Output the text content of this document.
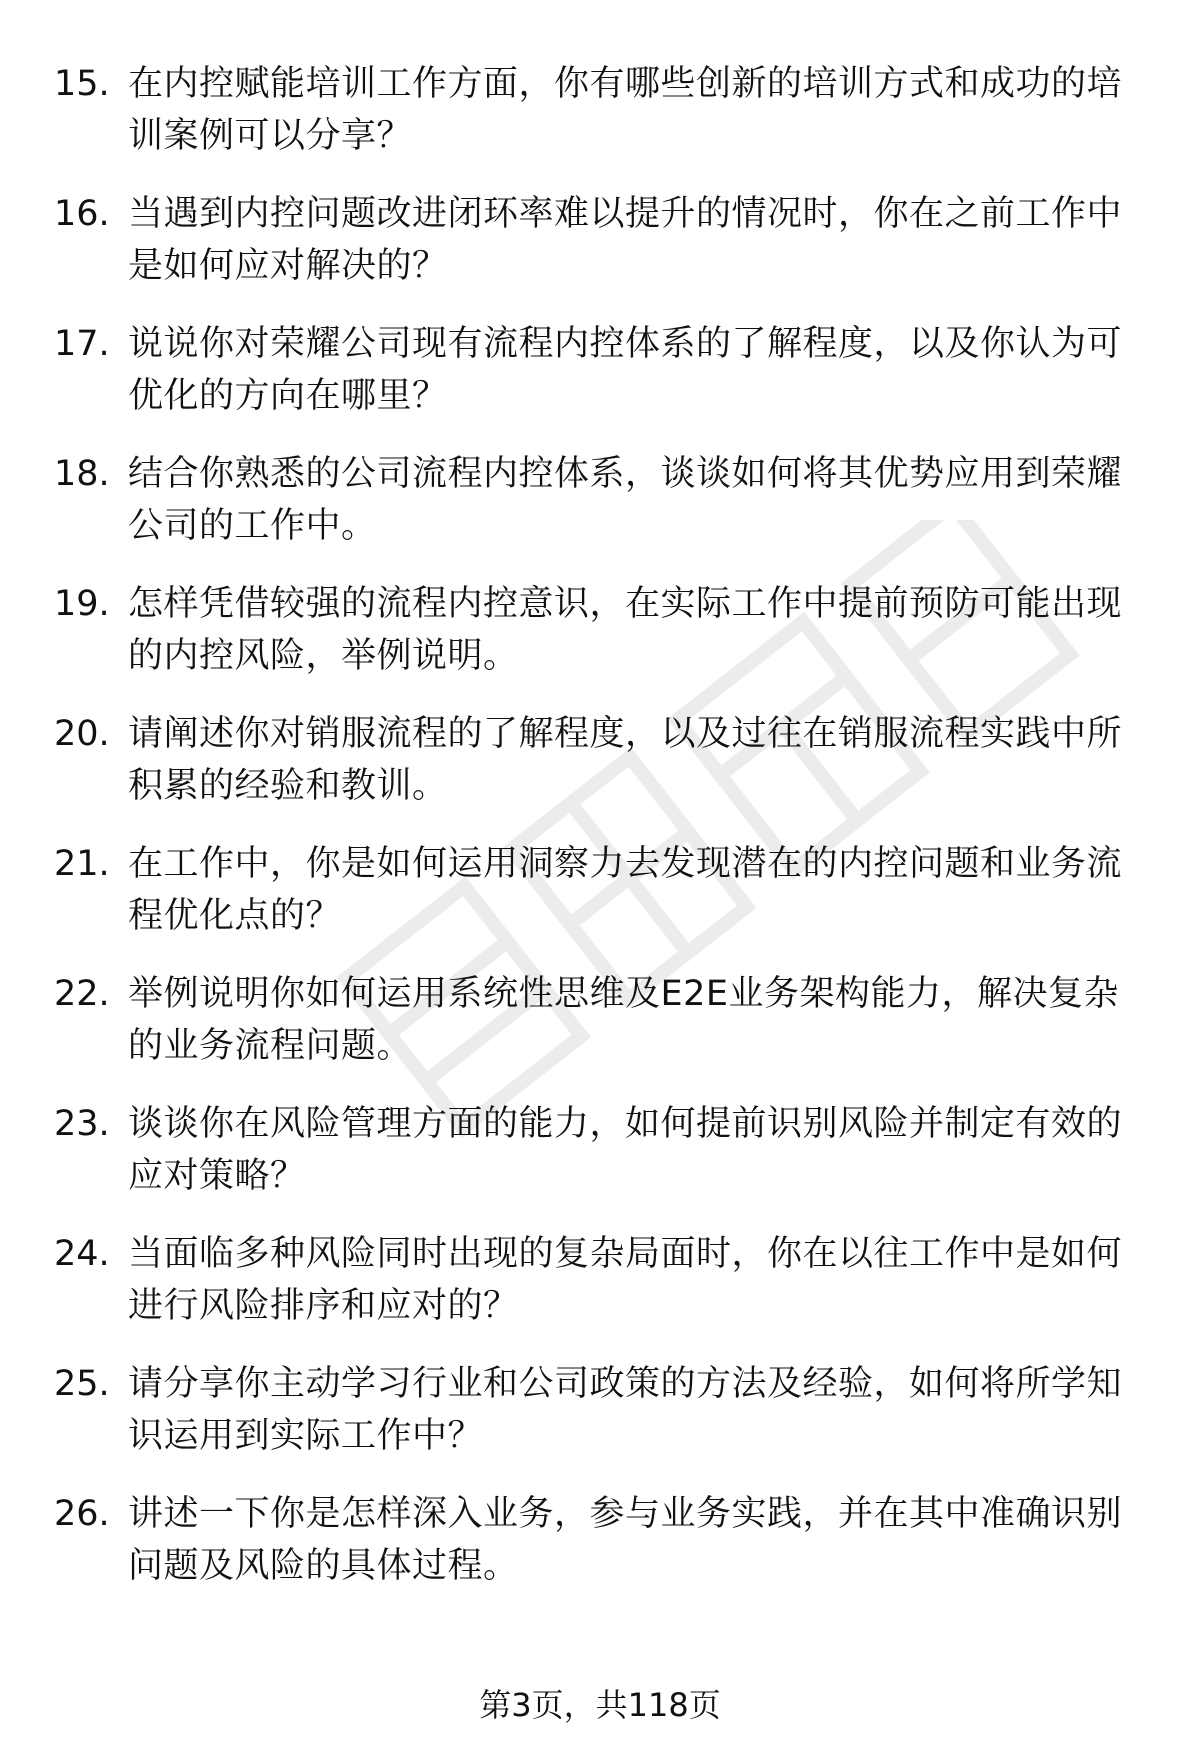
15. 在内控赋能培训工作方面，你有哪些创新的培训方式和成功的培训案例可以分享？
16. 当遇到内控问题改进闭环率难以提升的情况时，你在之前工作中是如何应对解决的？
17. 说说你对荣耀公司现有流程内控体系的了解程度，以及你认为可优化的方向在哪里？
18. 结合你熟悉的公司流程内控体系，谈谈如何将其优势应用到荣耀公司的工作中。
19. 怎样凭借较强的流程内控意识，在实际工作中提前预防可能出现的内控风险，举例说明。
20. 请阐述你对销服流程的了解程度，以及过往在销服流程实践中所积累的经验和教训。
21. 在工作中，你是如何运用洞察力去发现潜在的内控问题和业务流程优化点的？
22. 举例说明你如何运用系统性思维及E2E业务架构能力，解决复杂的业务流程问题。
23. 谈谈你在风险管理方面的能力，如何提前识别风险并制定有效的应对策略？
24. 当面临多种风险同时出现的复杂局面时，你在以往工作中是如何进行风险排序和应对的？
25. 请分享你主动学习行业和公司政策的方法及经验，如何将所学知识运用到实际工作中？
26. 讲述一下你是怎样深入业务，参与业务实践，并在其中准确识别问题及风险的具体过程。
第3页，共118页
